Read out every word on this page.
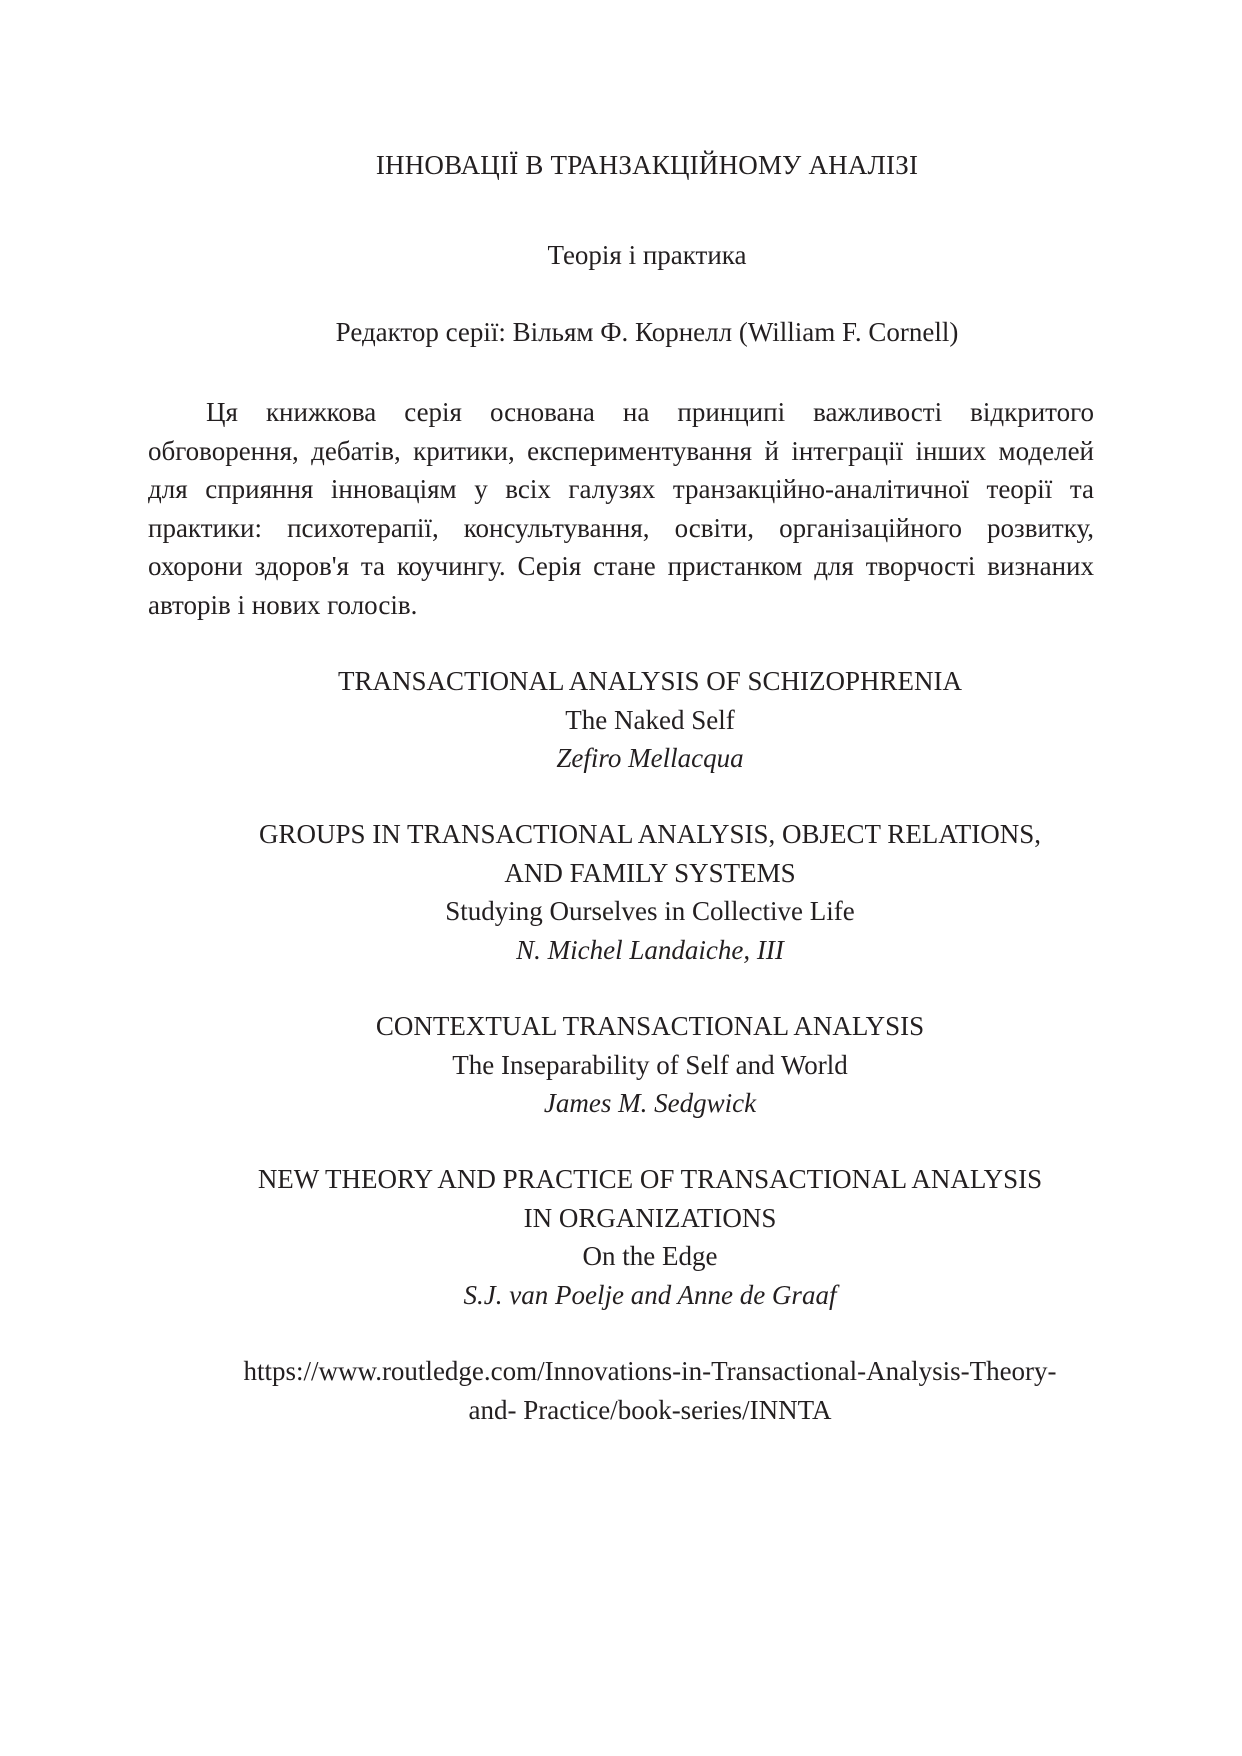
ІННОВАЦІЇ В ТРАНЗАКЦІЙНОМУ АНАЛІЗІ
Теорія і практика
Редактор серії: Вільям Ф. Корнелл (William F. Cornell)

Ця книжкова серія основана на принципі важливості відкритого обговорення, дебатів, критики, експериментування й інтеграції інших моделей для сприяння інноваціям у всіх галузях транзакційно-аналітичної теорії та практики: психотерапії, консультування, освіти, організаційного розвитку, охорони здоров'я та коучингу. Серія стане пристанком для творчості визнаних авторів і нових голосів.

TRANSACTIONAL ANALYSIS OF SCHIZOPHRENIA
The Naked Self
Zefiro Mellacqua
GROUPS IN TRANSACTIONAL ANALYSIS, OBJECT RELATIONS,
AND FAMILY SYSTEMS
Studying Ourselves in Collective Life
N. Michel Landaiche, III
CONTEXTUAL TRANSACTIONAL ANALYSIS
The Inseparability of Self and World
James M. Sedgwick
NEW THEORY AND PRACTICE OF TRANSACTIONAL ANALYSIS
IN ORGANIZATIONS
On the Edge
S.J. van Poelje and Anne de Graaf
https://www.routledge.com/Innovations-in-Transactional-Analysis-Theory-
and- Practice/book-series/INNTA
